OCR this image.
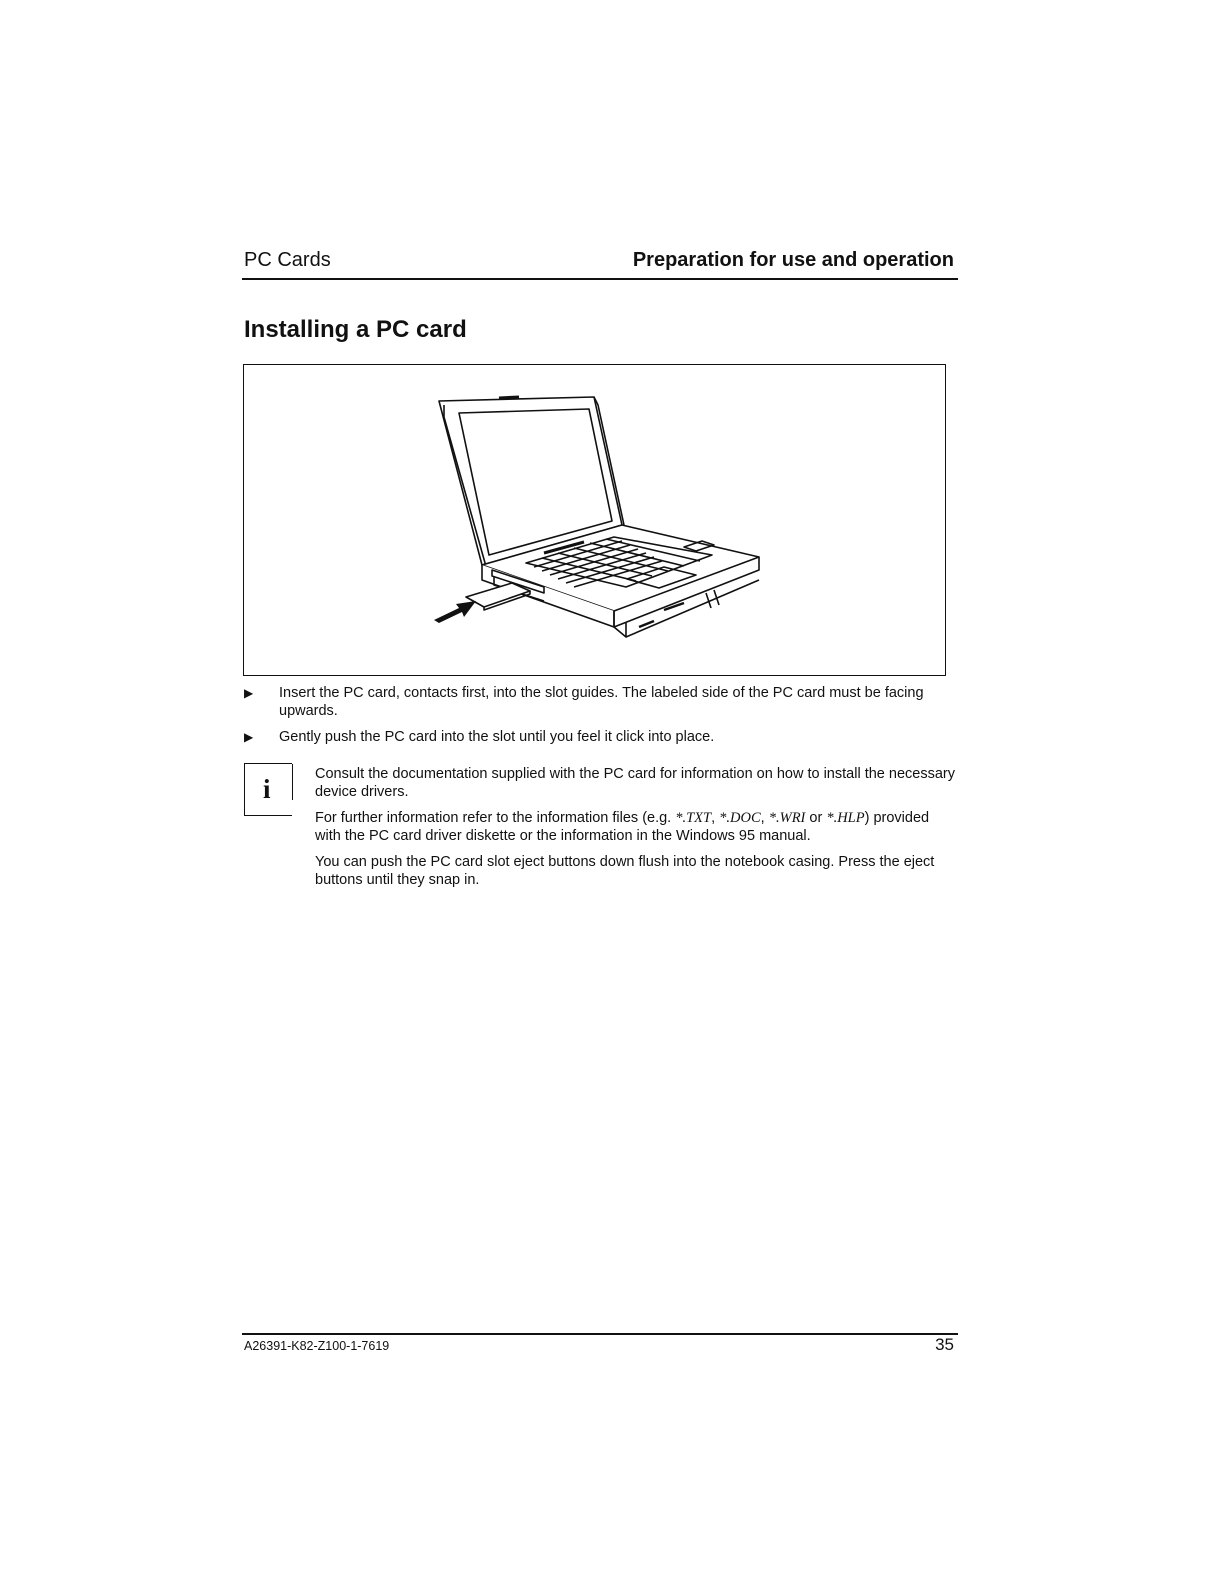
PC Cards	Preparation for use and operation
Installing a PC card
▶ Insert the PC card, contacts first, into the slot guides. The labeled side of the PC card must be facing upwards.
▶ Gently push the PC card into the slot until you feel it click into place.
i	Consult the documentation supplied with the PC card for information on how to install the necessary device drivers.
For further information refer to the information files (e.g. *.TXT, *.DOC, *.WRI or *.HLP) provided with the PC card driver diskette or the information in the Windows 95 manual.
You can push the PC card slot eject buttons down flush into the notebook casing. Press the eject buttons until they snap in.
A26391-K82-Z100-1-7619	35
